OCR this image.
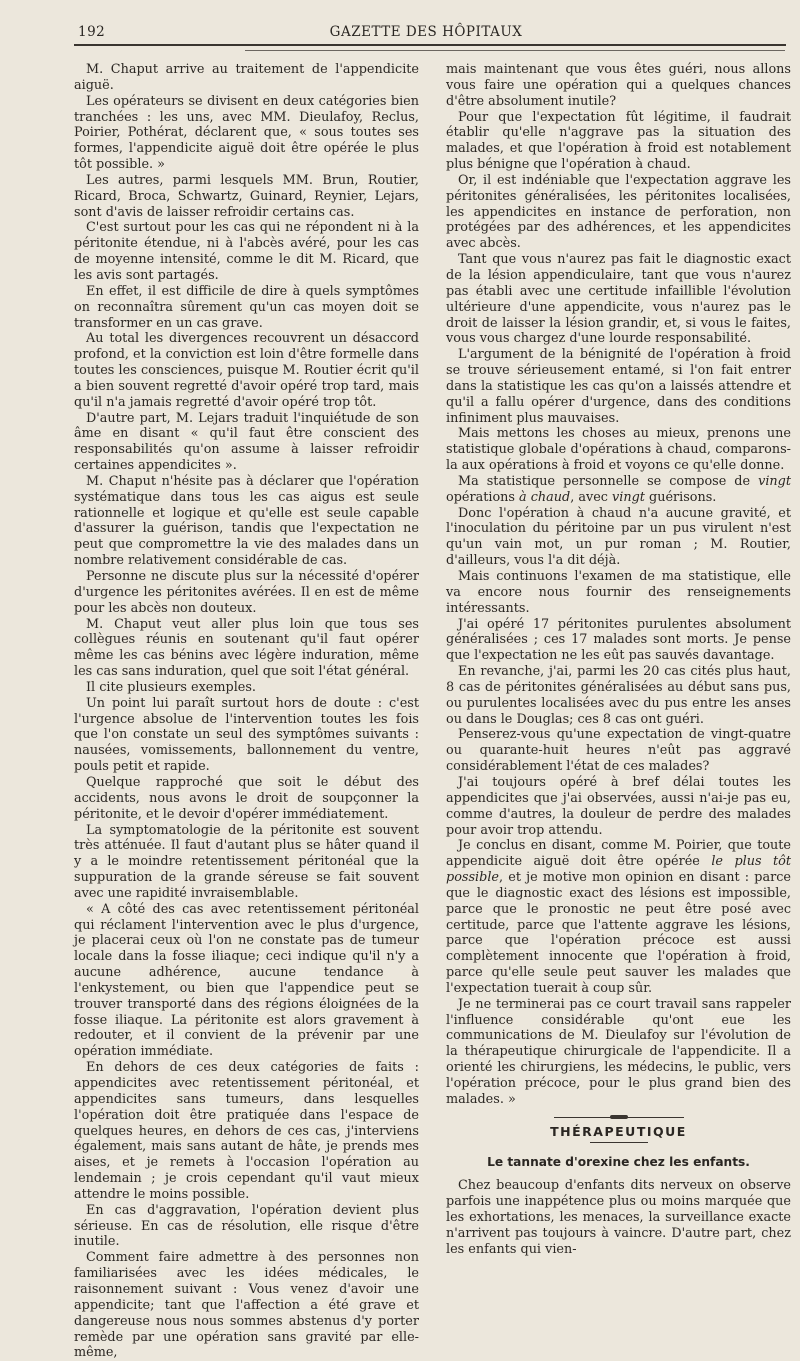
192	GAZETTE DES HÔPITAUX

M. Chaput arrive au traitement de l'appendicite aiguë.

Les opérateurs se divisent en deux catégories bien tranchées : les uns, avec MM. Dieulafoy, Reclus, Poirier, Pothérat, déclarent que, « sous toutes ses formes, l'appendicite aiguë doit être opérée le plus tôt possible. »

Les autres, parmi lesquels MM. Brun, Routier, Ricard, Broca, Schwartz, Guinard, Reynier, Lejars, sont d'avis de laisser refroidir certains cas.

C'est surtout pour les cas qui ne répondent ni à la péritonite étendue, ni à l'abcès avéré, pour les cas de moyenne intensité, comme le dit M. Ricard, que les avis sont partagés.

En effet, il est difficile de dire à quels symptômes on reconnaîtra sûrement qu'un cas moyen doit se transformer en un cas grave.

Au total les divergences recouvrent un désaccord profond, et la conviction est loin d'être formelle dans toutes les consciences, puisque M. Routier écrit qu'il a bien souvent regretté d'avoir opéré trop tard, mais qu'il n'a jamais regretté d'avoir opéré trop tôt.

D'autre part, M. Lejars traduit l'inquiétude de son âme en disant « qu'il faut être conscient des responsabilités qu'on assume à laisser refroidir certaines appendicites ».

M. Chaput n'hésite pas à déclarer que l'opération systématique dans tous les cas aigus est seule rationnelle et logique et qu'elle est seule capable d'assurer la guérison, tandis que l'expectation ne peut que compromettre la vie des malades dans un nombre relativement considérable de cas.

Personne ne discute plus sur la nécessité d'opérer d'urgence les péritonites avérées. Il en est de même pour les abcès non douteux.

M. Chaput veut aller plus loin que tous ses collègues réunis en soutenant qu'il faut opérer même les cas bénins avec légère induration, même les cas sans induration, quel que soit l'état général.

Il cite plusieurs exemples.

Un point lui paraît surtout hors de doute : c'est l'urgence absolue de l'intervention toutes les fois que l'on constate un seul des symptômes suivants : nausées, vomissements, ballonnement du ventre, pouls petit et rapide.

Quelque rapproché que soit le début des accidents, nous avons le droit de soupçonner la péritonite, et le devoir d'opérer immédiatement.

La symptomatologie de la péritonite est souvent très atténuée. Il faut d'autant plus se hâter quand il y a le moindre retentissement péritonéal que la suppuration de la grande séreuse se fait souvent avec une rapidité invraisemblable.

« A côté des cas avec retentissement péritonéal qui réclament l'intervention avec le plus d'urgence, je placerai ceux où l'on ne constate pas de tumeur locale dans la fosse iliaque; ceci indique qu'il n'y a aucune adhérence, aucune tendance à l'enkystement, ou bien que l'appendice peut se trouver transporté dans des régions éloignées de la fosse iliaque. La péritonite est alors gravement à redouter, et il convient de la prévenir par une opération immédiate.

En dehors de ces deux catégories de faits : appendicites avec retentissement péritonéal, et appendicites sans tumeurs, dans lesquelles l'opération doit être pratiquée dans l'espace de quelques heures, en dehors de ces cas, j'interviens également, mais sans autant de hâte, je prends mes aises, et je remets à l'occasion l'opération au lendemain ; je crois cependant qu'il vaut mieux attendre le moins possible.

En cas d'aggravation, l'opération devient plus sérieuse. En cas de résolution, elle risque d'être inutile.

Comment faire admettre à des personnes non familiarisées avec les idées médicales, le raisonnement suivant : Vous venez d'avoir une appendicite; tant que l'affection a été grave et dangereuse nous nous sommes abstenus d'y porter remède par une opération sans gravité par elle-même,

mais maintenant que vous êtes guéri, nous allons vous faire une opération qui a quelques chances d'être absolument inutile?

Pour que l'expectation fût légitime, il faudrait établir qu'elle n'aggrave pas la situation des malades, et que l'opération à froid est notablement plus bénigne que l'opération à chaud.

Or, il est indéniable que l'expectation aggrave les péritonites généralisées, les péritonites localisées, les appendicites en instance de perforation, non protégées par des adhérences, et les appendicites avec abcès.

Tant que vous n'aurez pas fait le diagnostic exact de la lésion appendiculaire, tant que vous n'aurez pas établi avec une certitude infaillible l'évolution ultérieure d'une appendicite, vous n'aurez pas le droit de laisser la lésion grandir, et, si vous le faites, vous vous chargez d'une lourde responsabilité.

L'argument de la bénignité de l'opération à froid se trouve sérieusement entamé, si l'on fait entrer dans la statistique les cas qu'on a laissés attendre et qu'il a fallu opérer d'urgence, dans des conditions infiniment plus mauvaises.

Mais mettons les choses au mieux, prenons une statistique globale d'opérations à chaud, comparons-la aux opérations à froid et voyons ce qu'elle donne.

Ma statistique personnelle se compose de vingt opérations à chaud, avec vingt guérisons.

Donc l'opération à chaud n'a aucune gravité, et l'inoculation du péritoine par un pus virulent n'est qu'un vain mot, un pur roman ; M. Routier, d'ailleurs, vous l'a dit déjà.

Mais continuons l'examen de ma statistique, elle va encore nous fournir des renseignements intéressants.

J'ai opéré 17 péritonites purulentes absolument généralisées ; ces 17 malades sont morts. Je pense que l'expectation ne les eût pas sauvés davantage.

En revanche, j'ai, parmi les 20 cas cités plus haut, 8 cas de péritonites généralisées au début sans pus, ou purulentes localisées avec du pus entre les anses ou dans le Douglas; ces 8 cas ont guéri.

Penserez-vous qu'une expectation de vingt-quatre ou quarante-huit heures n'eût pas aggravé considérablement l'état de ces malades?

J'ai toujours opéré à bref délai toutes les appendicites que j'ai observées, aussi n'ai-je pas eu, comme d'autres, la douleur de perdre des malades pour avoir trop attendu.

Je conclus en disant, comme M. Poirier, que toute appendicite aiguë doit être opérée le plus tôt possible, et je motive mon opinion en disant : parce que le diagnostic exact des lésions est impossible, parce que le pronostic ne peut être posé avec certitude, parce que l'attente aggrave les lésions, parce que l'opération précoce est aussi complètement innocente que l'opération à froid, parce qu'elle seule peut sauver les malades que l'expectation tuerait à coup sûr.

Je ne terminerai pas ce court travail sans rappeler l'influence considérable qu'ont eue les communications de M. Dieulafoy sur l'évolution de la thérapeutique chirurgicale de l'appendicite. Il a orienté les chirurgiens, les médecins, le public, vers l'opération précoce, pour le plus grand bien des malades. »

THÉRAPEUTIQUE
Le tannate d'orexine chez les enfants.

Chez beaucoup d'enfants dits nerveux on observe parfois une inappétence plus ou moins marquée que les exhortations, les menaces, la surveillance exacte n'arrivent pas toujours à vaincre. D'autre part, chez les enfants qui vien-
